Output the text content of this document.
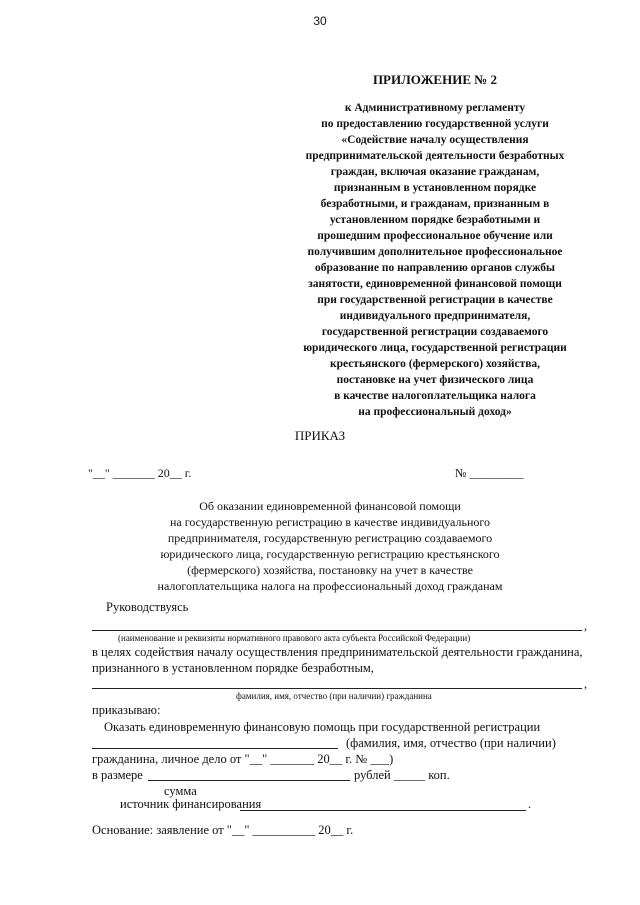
30
ПРИЛОЖЕНИЕ № 2
к Административному регламенту
по предоставлению государственной услуги
«Содействие началу осуществления
предпринимательской деятельности безработных
граждан, включая оказание гражданам,
признанным в установленном порядке
безработными, и гражданам, признанным в
установленном порядке безработными и
прошедшим профессиональное обучение или
получившим дополнительное профессиональное
образование по направлению органов службы
занятости, единовременной финансовой помощи
при государственной регистрации в качестве
индивидуального предпринимателя,
государственной регистрации создаваемого
юридического лица, государственной регистрации
крестьянского (фермерского) хозяйства,
постановке на учет физического лица
в качестве налогоплательщика налога
на профессиональный доход»
ПРИКАЗ
"__" _______ 20__ г.	№ _________
Об оказании единовременной финансовой помощи
на государственную регистрацию в качестве индивидуального
предпринимателя, государственную регистрацию создаваемого
юридического лица, государственную регистрацию крестьянского
(фермерского) хозяйства, постановку на учет в качестве
налогоплательщика налога на профессиональный доход гражданам
Руководствуясь
,
(наименование и реквизиты нормативного правового акта субъекта Российской Федерации)
в целях содействия началу осуществления предпринимательской деятельности гражданина,
признанного в установленном порядке безработным,
,
фамилия, имя, отчество (при наличии) гражданина
приказываю:
Оказать единовременную финансовую помощь при государственной регистрации
(фамилия, имя, отчество (при наличии)
гражданина, личное дело от "__" _______ 20__ г. № ___)
в размере	рублей _____ коп.
сумма
источник финансирования	.
Основание: заявление от "__" __________ 20__ г.
